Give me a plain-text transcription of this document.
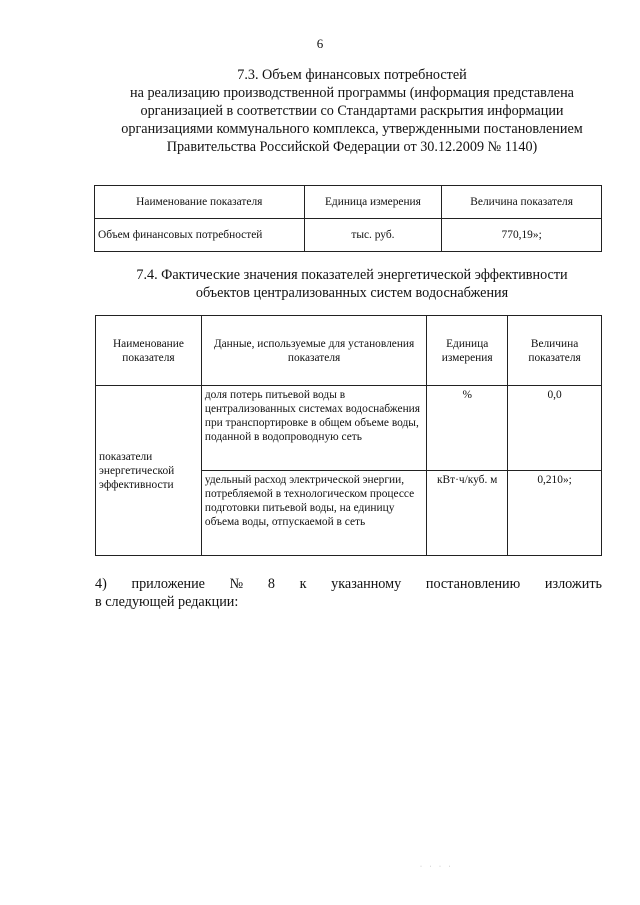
6
7.3. Объем финансовых потребностей
на реализацию производственной программы (информация представлена
организацией в соответствии со Стандартами раскрытия информации
организациями коммунального комплекса, утвержденными постановлением
Правительства Российской Федерации от 30.12.2009 № 1140)
Наименование показателя	Единица измерения	Величина показателя
Объем финансовых потребностей	тыс. руб.	770,19»;
7.4. Фактические значения показателей энергетической эффективности
объектов централизованных систем водоснабжения
Наименование показателя	Данные, используемые для установления показателя	Единица измерения	Величина показателя
показатели энергетической эффективности	доля потерь питьевой воды в централизованных системах водоснабжения при транспортировке в общем объеме воды, поданной в водопроводную сеть	%	0,0
	удельный расход электрической энергии, потребляемой в технологическом процессе подготовки питьевой воды, на единицу объема воды, отпускаемой в сеть	кВт·ч/куб. м	0,210»;
4) приложение № 8 к указанному постановлению изложить
в следующей редакции:
· · · ·
